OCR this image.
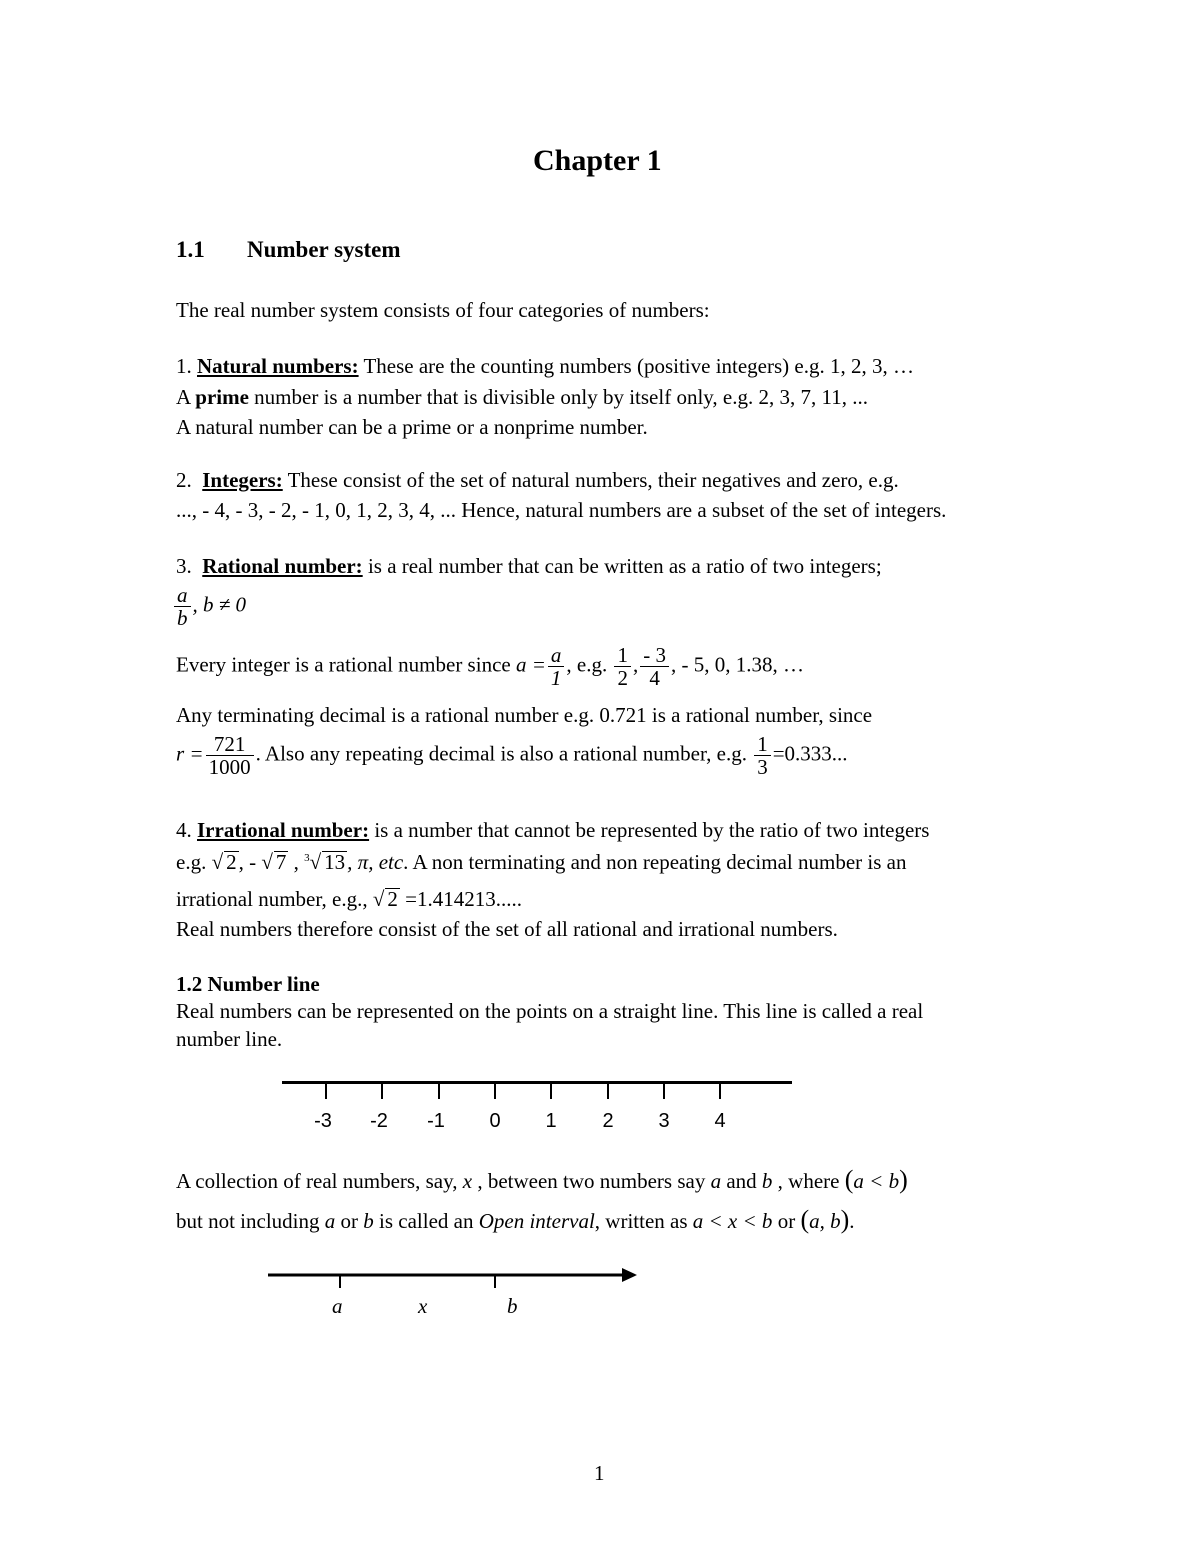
Chapter 1
1.1 Number system
The real number system consists of four categories of numbers:
1. Natural numbers: These are the counting numbers (positive integers) e.g. 1, 2, 3, …
A prime number is a number that is divisible only by itself only, e.g. 2, 3, 7, 11, ...
A natural number can be a prime or a nonprime number.
2. Integers: These consist of the set of natural numbers, their negatives and zero, e.g.
..., - 4, - 3, - 2, - 1, 0, 1, 2, 3, 4, ... Hence, natural numbers are a subset of the set of integers.
3. Rational number: is a real number that can be written as a ratio of two integers;
$\frac{a}{b}$ , b ≠ 0
Every integer is a rational number since $a = \frac{a}{1}$ , e.g. $\frac{1}{2}$ , $\frac{- 3}{4}$ , - 5, 0, 1.38, …
Any terminating decimal is a rational number e.g. 0.721 is a rational number, since
$r = \frac{721}{1000}$ . Also any repeating decimal is also a rational number, e.g. $\frac{1}{3} =0.333$...
4. Irrational number: is a number that cannot be represented by the ratio of two integers
e.g. √ 2, - √ 7 , $^3$√ 13, π, etc. A non terminating and non repeating decimal number is an
irrational number, e.g., √ 2 =1.414213.....
Real numbers therefore consist of the set of all rational and irrational numbers.
1.2 Number line
Real numbers can be represented on the points on a straight line. This line is called a real
number line.
-3	-2	-1	0	1	2	3	4
A collection of real numbers, say, x , between two numbers say a and b , where (a < b)
but not including a or b is called an Open interval, written as a < x < b or (a, b).
a	x	b
1
